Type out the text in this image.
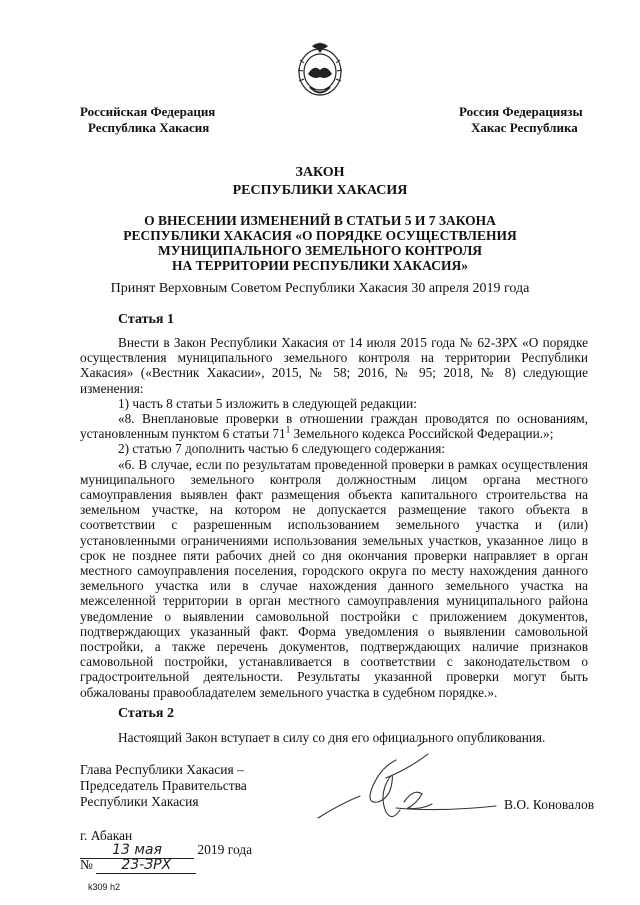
Российская Федерация
Республика Хакасия
Россия Федерациязы
Хакас Республика
ЗАКОН
РЕСПУБЛИКИ ХАКАСИЯ
О ВНЕСЕНИИ ИЗМЕНЕНИЙ В СТАТЬИ 5 И 7 ЗАКОНА
РЕСПУБЛИКИ ХАКАСИЯ «О ПОРЯДКЕ ОСУЩЕСТВЛЕНИЯ
МУНИЦИПАЛЬНОГО ЗЕМЕЛЬНОГО КОНТРОЛЯ
НА ТЕРРИТОРИИ РЕСПУБЛИКИ ХАКАСИЯ»
Принят Верховным Советом Республики Хакасия 30 апреля 2019 года
Статья 1

Внести в Закон Республики Хакасия от 14 июля 2015 года № 62-ЗРХ «О порядке осуществления муниципального земельного контроля на территории Республики Хакасия» («Вестник Хакасии», 2015, № 58; 2016, № 95; 2018, № 8) следующие изменения:

1) часть 8 статьи 5 изложить в следующей редакции:

«8. Внеплановые проверки в отношении граждан проводятся по основаниям, установленным пунктом 6 статьи $71^1$ Земельного кодекса Российской Федерации.»;

2) статью 7 дополнить частью 6 следующего содержания:

«6. В случае, если по результатам проведенной проверки в рамках осуществления муниципального земельного контроля должностным лицом органа местного самоуправления выявлен факт размещения объекта капитального строительства на земельном участке, на котором не допускается размещение такого объекта в соответствии с разрешенным использованием земельного участка и (или) установленными ограничениями использования земельных участков, указанное лицо в срок не позднее пяти рабочих дней со дня окончания проверки направляет в орган местного самоуправления поселения, городского округа по месту нахождения данного земельного участка или в случае нахождения данного земельного участка на межселенной территории в орган местного самоуправления муниципального района уведомление о выявлении самовольной постройки с приложением документов, подтверждающих указанный факт. Форма уведомления о выявлении самовольной постройки, а также перечень документов, подтверждающих наличие признаков самовольной постройки, устанавливается в соответствии с законодательством о градостроительной деятельности. Результаты указанной проверки могут быть обжалованы правообладателем земельного участка в судебном порядке.».

Статья 2

Настоящий Закон вступает в силу со дня его официального опубликования.

Глава Республики Хакасия –
Председатель Правительства
Республики Хакасия	В.О. Коновалов
г. Абакан
13 мая	2019 года
№ 23-ЗРХ
k309 h2
